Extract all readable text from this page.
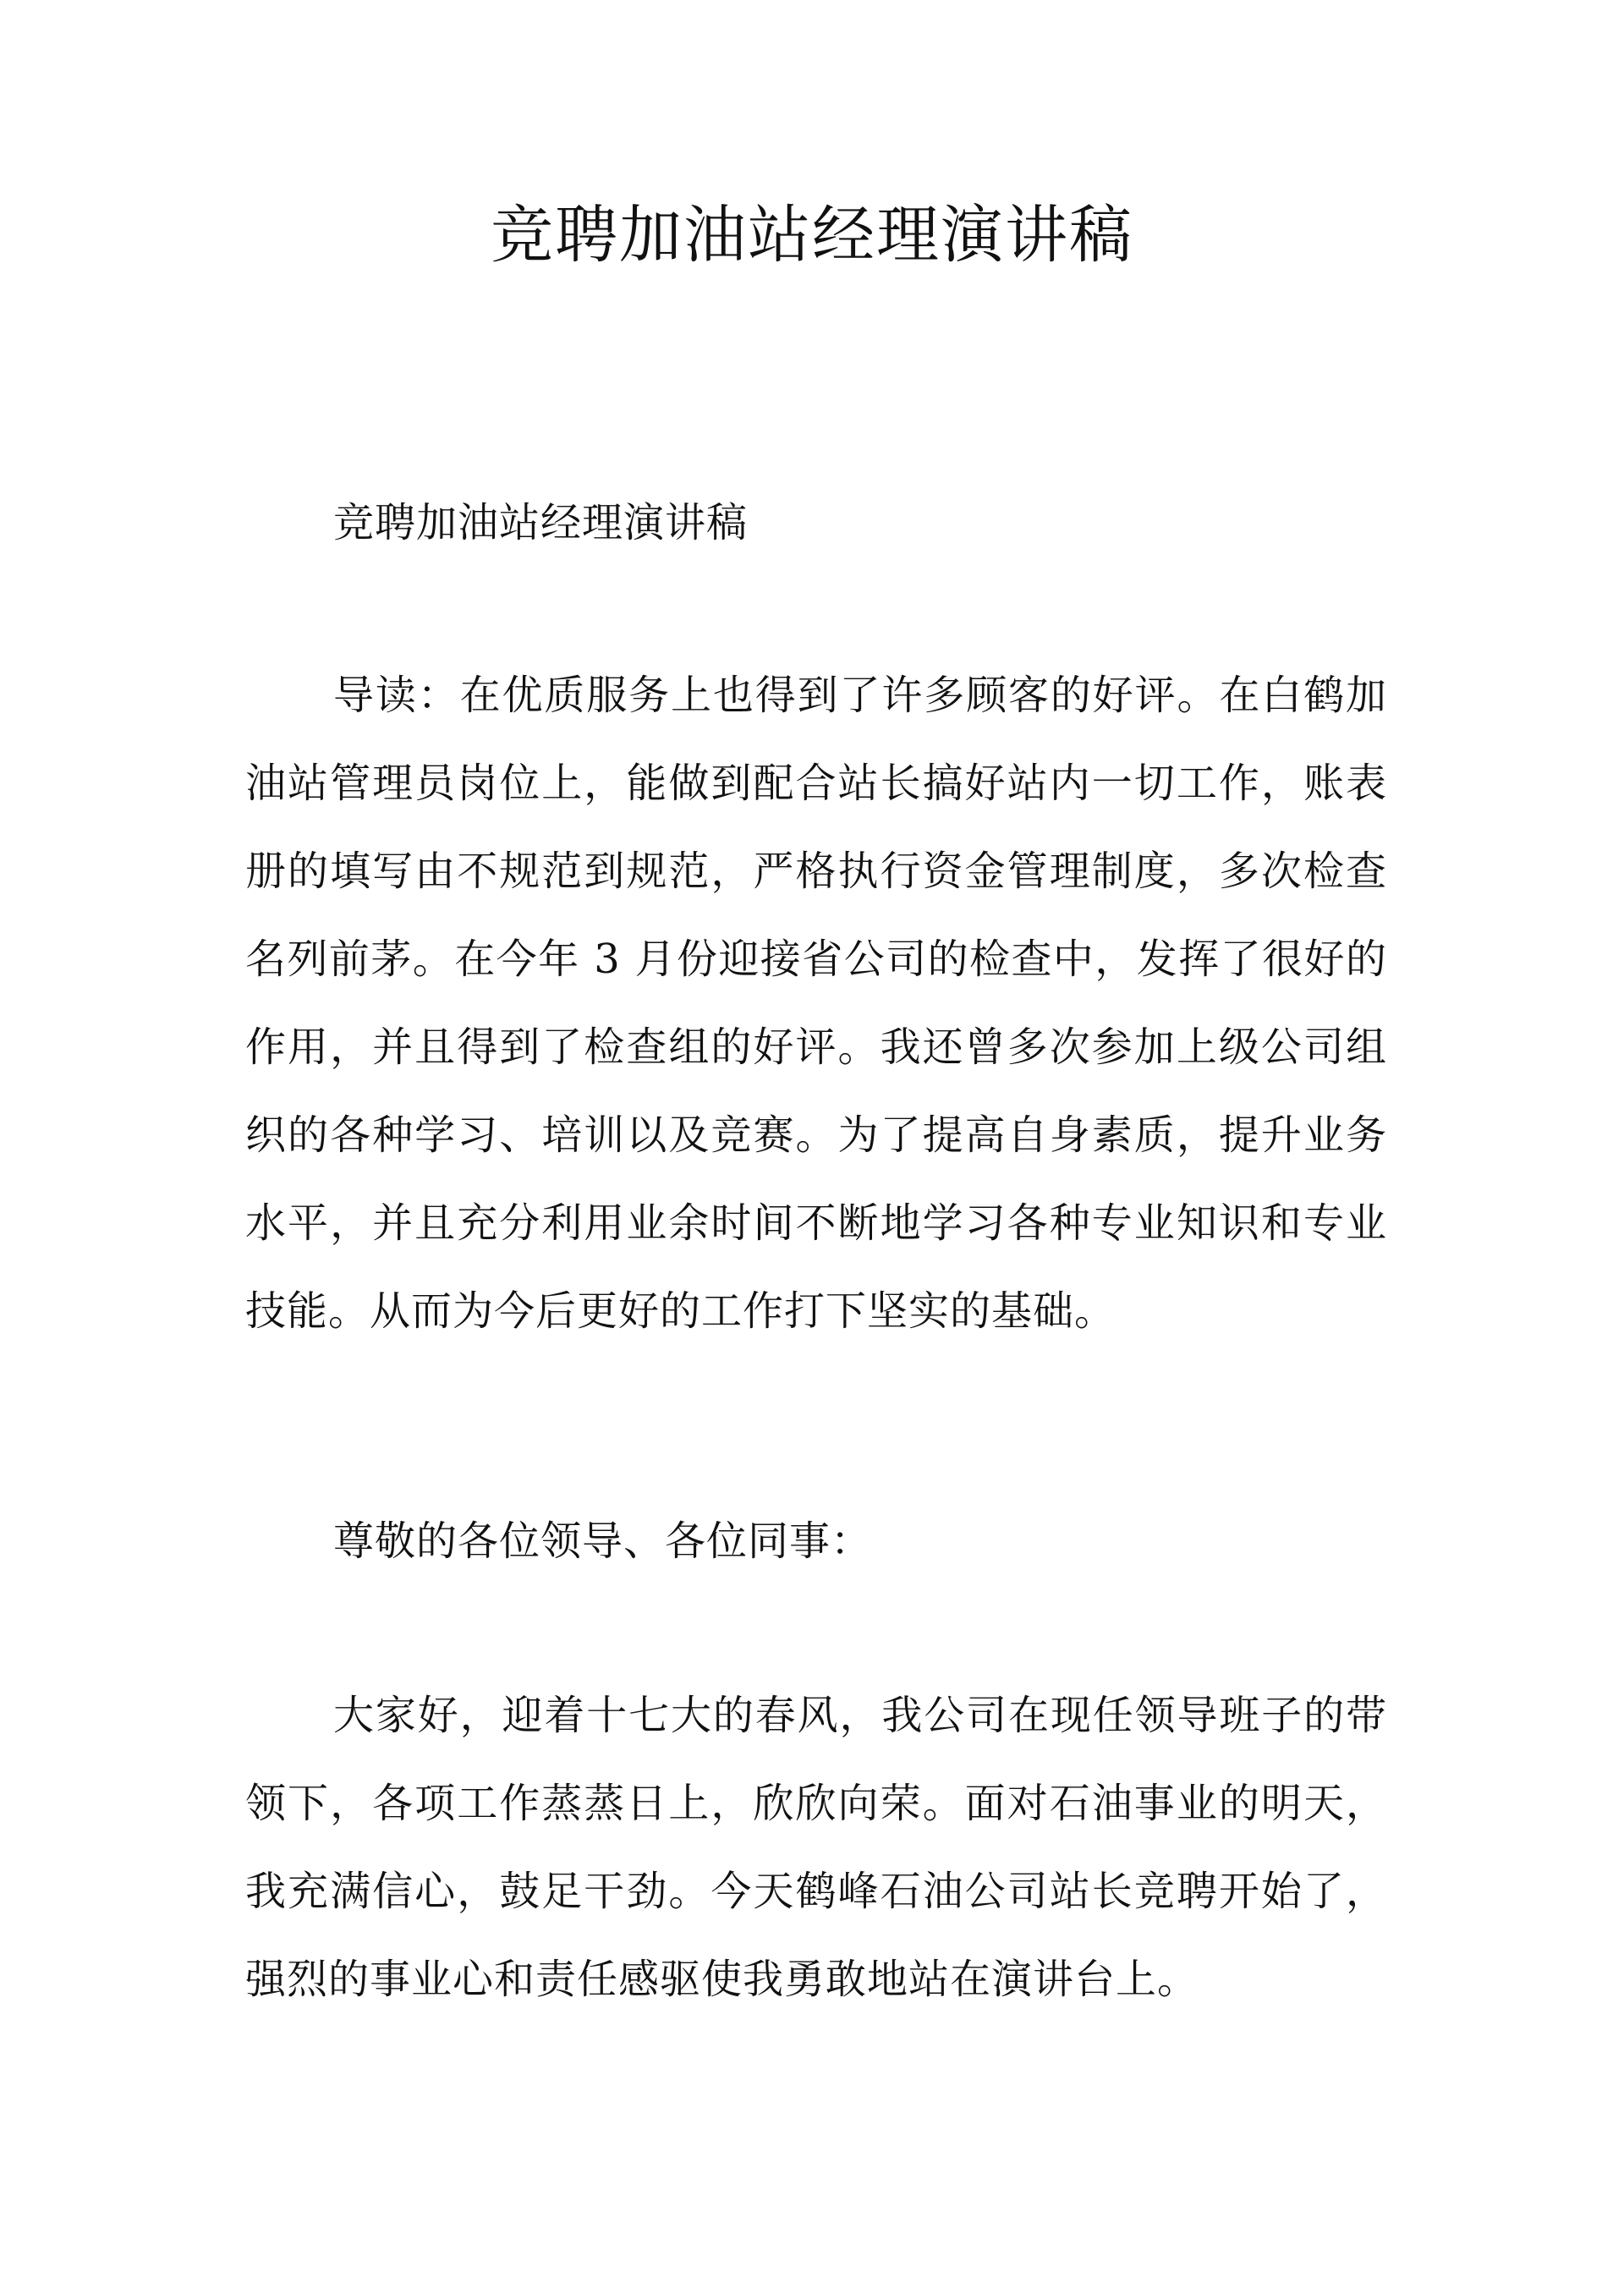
竞聘加油站经理演讲稿

竞聘加油站经理演讲稿

导读：在优质服务上也得到了许多顾客的好评。在白鹤加油站管理员岗位上，能做到配合站长搞好站内一切工作，账表册的填写由不规范到规范，严格执行资金管理制度，多次检查名列前茅。在今年 3 月份迎接省公司的检查中，发挥了很好的作用，并且得到了检查组的好评。我还曾多次参加上级公司组织的各种学习、培训以及竞赛。为了提高自身素质，提升业务水平，并且充分利用业余时间不断地学习各种专业知识和专业技能。从而为今后更好的工作打下坚实的基础。

尊敬的各位领导、各位同事：

大家好，迎着十七大的春风，我公司在现任领导班子的带领下，各项工作蒸蒸日上，欣欣向荣。面对石油事业的明天，我充满信心，鼓足干劲。今天鹤峰石油公司站长竞聘开始了，强烈的事业心和责任感驱使我勇敢地站在演讲台上。
